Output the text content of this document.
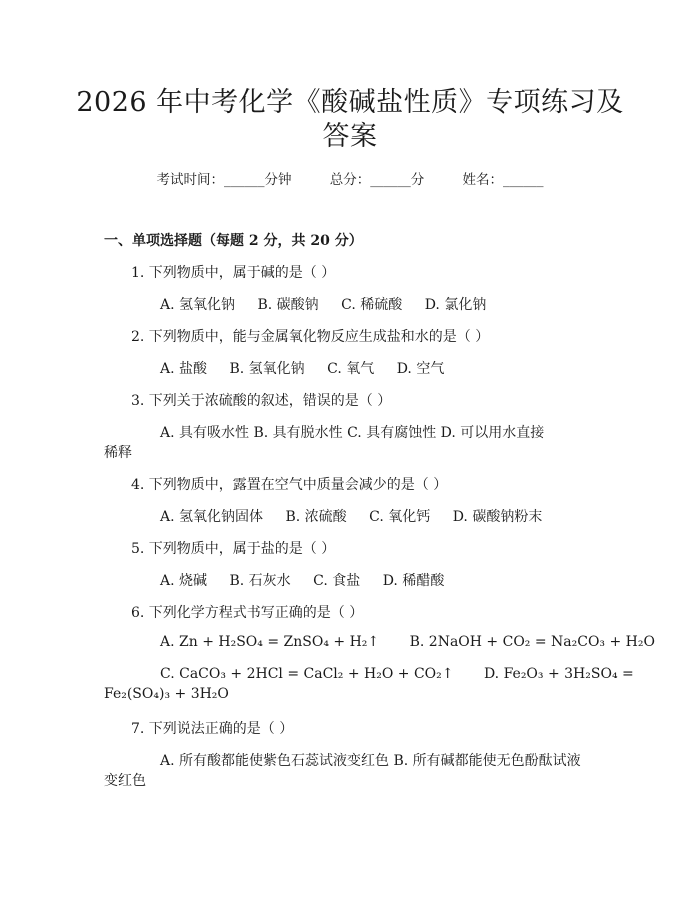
2026 年中考化学《酸碱盐性质》专项练习及
答案
考试时间：______分钟	总分：______分	姓名：______
一、单项选择题（每题 2 分，共 20 分）
1. 下列物质中，属于碱的是（ ）
A. 氢氧化钠 B. 碳酸钠 C. 稀硫酸 D. 氯化钠
2. 下列物质中，能与金属氧化物反应生成盐和水的是（ ）
A. 盐酸 B. 氢氧化钠 C. 氧气 D. 空气
3. 下列关于浓硫酸的叙述，错误的是（ ）
A. 具有吸水性 B. 具有脱水性 C. 具有腐蚀性 D. 可以用水直接
稀释
4. 下列物质中，露置在空气中质量会减少的是（ ）
A. 氢氧化钠固体 B. 浓硫酸 C. 氧化钙 D. 碳酸钠粉末
5. 下列物质中，属于盐的是（ ）
A. 烧碱 B. 石灰水 C. 食盐 D. 稀醋酸
6. 下列化学方程式书写正确的是（ ）
A. Zn + H₂SO₄ = ZnSO₄ + H₂↑ B. 2NaOH + CO₂ = Na₂CO₃ + H₂O
C. CaCO₃ + 2HCl = CaCl₂ + H₂O + CO₂↑ D. Fe₂O₃ + 3H₂SO₄ =
7. 下列说法正确的是（ ）
A. 所有酸都能使紫色石蕊试液变红色 B. 所有碱都能使无色酚酞试液
变红色
Fe₂(SO₄)₃ + 3H₂O
